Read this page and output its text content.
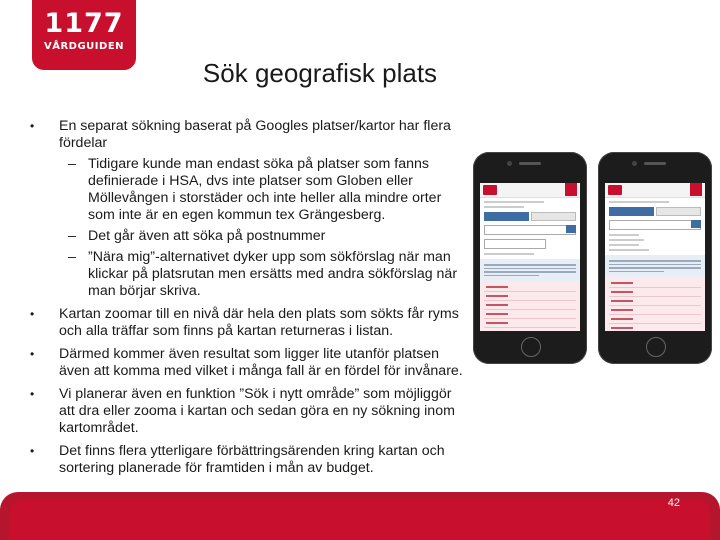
1177
VÅRDGUIDEN
Sök geografisk plats
• En separat sökning baserat på Googles platser/kartor har flera fördelar
– Tidigare kunde man endast söka på platser som fanns definierade i HSA, dvs inte platser som Globen eller Möllevången i storstäder och inte heller alla mindre orter som inte är en egen kommun tex Grängesberg.
– Det går även att söka på postnummer
– ”Nära mig”-alternativet dyker upp som sökförslag när man klickar på platsrutan men ersätts med andra sökförslag när man börjar skriva.
• Kartan zoomar till en nivå där hela den plats som sökts får ryms och alla träffar som finns på kartan returneras i listan.
• Därmed kommer även resultat som ligger lite utanför platsen även att komma med vilket i många fall är en fördel för invånare.
• Vi planerar även en funktion ”Sök i nytt område” som möjliggör att dra eller zooma i kartan och sedan göra en ny sökning inom kartområdet.
• Det finns flera ytterligare förbättringsärenden kring kartan och sortering planerade för framtiden i mån av budget.
42
